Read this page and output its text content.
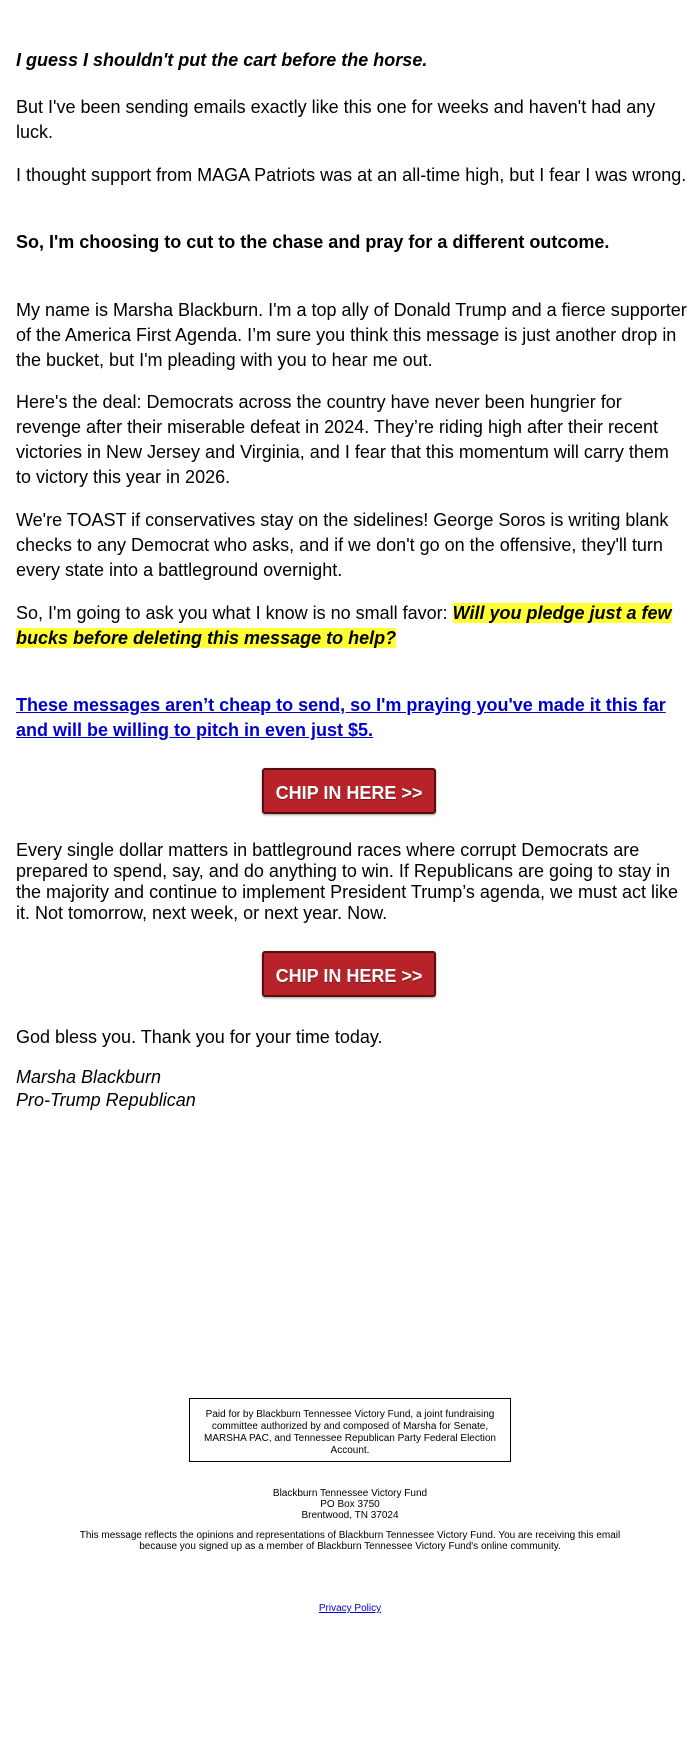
I guess I shouldn't put the cart before the horse.

But I've been sending emails exactly like this one for weeks and haven't had any luck.

I thought support from MAGA Patriots was at an all-time high, but I fear I was wrong.

So, I'm choosing to cut to the chase and pray for a different outcome.

My name is Marsha Blackburn. I'm a top ally of Donald Trump and a fierce supporter of the America First Agenda. I’m sure you think this message is just another drop in the bucket, but I'm pleading with you to hear me out.

Here's the deal: Democrats across the country have never been hungrier for revenge after their miserable defeat in 2024. They’re riding high after their recent victories in New Jersey and Virginia, and I fear that this momentum will carry them to victory this year in 2026.

We're TOAST if conservatives stay on the sidelines! George Soros is writing blank checks to any Democrat who asks, and if we don't go on the offensive, they'll turn every state into a battleground overnight.

So, I'm going to ask you what I know is no small favor: Will you pledge just a few bucks before deleting this message to help?

These messages aren’t cheap to send, so I'm praying you've made it this far and will be willing to pitch in even just $5.

Every single dollar matters in battleground races where corrupt Democrats are prepared to spend, say, and do anything to win. If Republicans are going to stay in the majority and continue to implement President Trump’s agenda, we must act like it. Not tomorrow, next week, or next year. Now.

God bless you. Thank you for your time today.

Marsha Blackburn
Pro-Trump Republican

CHIP IN HERE >>
CHIP IN HERE >>
Paid for by Blackburn Tennessee Victory Fund, a joint fundraising committee authorized by and composed of Marsha for Senate, MARSHA PAC, and Tennessee Republican Party Federal Election Account.
Blackburn Tennessee Victory Fund
PO Box 3750
Brentwood, TN 37024
This message reflects the opinions and representations of Blackburn Tennessee Victory Fund. You are receiving this email because you signed up as a member of Blackburn Tennessee Victory Fund's online community.
Privacy Policy
